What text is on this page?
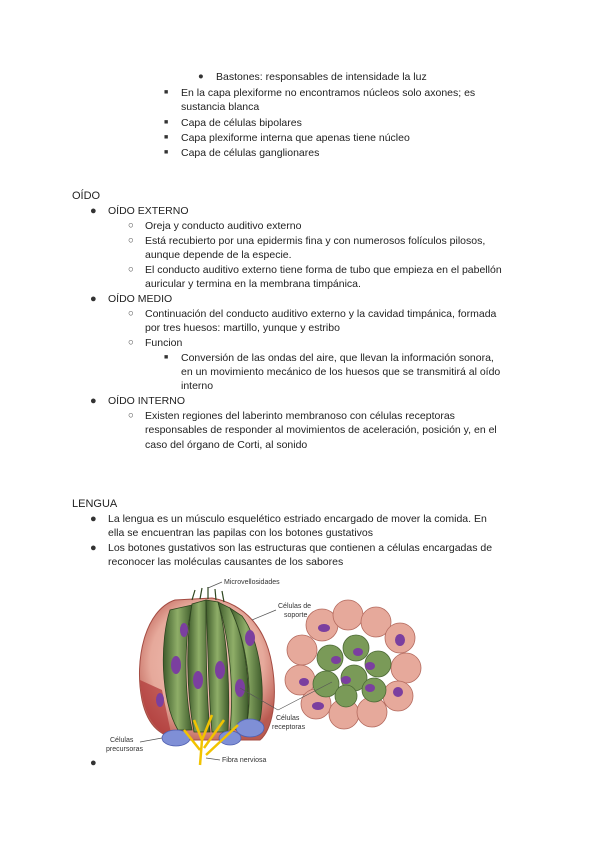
● Bastones: responsables de intensidade la luz

■ En la capa plexiforme no encontramos núcleos solo axones; es

sustancia blanca

■ Capa de células bipolares

■ Capa plexiforme interna que apenas tiene núcleo

■ Capa de células ganglionares

OÍDO

● OÍDO EXTERNO

○ Oreja y conducto auditivo externo

○ Está recubierto por una epidermis fina y con numerosos folículos pilosos,

aunque depende de la especie.

○ El conducto auditivo externo tiene forma de tubo que empieza en el pabellón

auricular y termina en la membrana timpánica.

● OÍDO MEDIO

○ Continuación del conducto auditivo externo y la cavidad timpánica, formada

por tres huesos: martillo, yunque y estribo

○ Funcion

■ Conversión de las ondas del aire, que llevan la información sonora,

en un movimiento mecánico de los huesos que se transmitirá al oído

interno

● OÍDO INTERNO

○ Existen regiones del laberinto membranoso con células receptoras

responsables de responder al movimientos de aceleración, posición y, en el

caso del órgano de Corti, al sonido

LENGUA

● La lengua es un músculo esquelético estriado encargado de mover la comida. En

ella se encuentran las papilas con los botones gustativos

● Los botones gustativos son las estructuras que contienen a células encargadas de

reconocer las moléculas causantes de los sabores

Microvellosidades
Células de
soporte
Células
receptoras
Células
precursoras
Fibra nerviosa
●
